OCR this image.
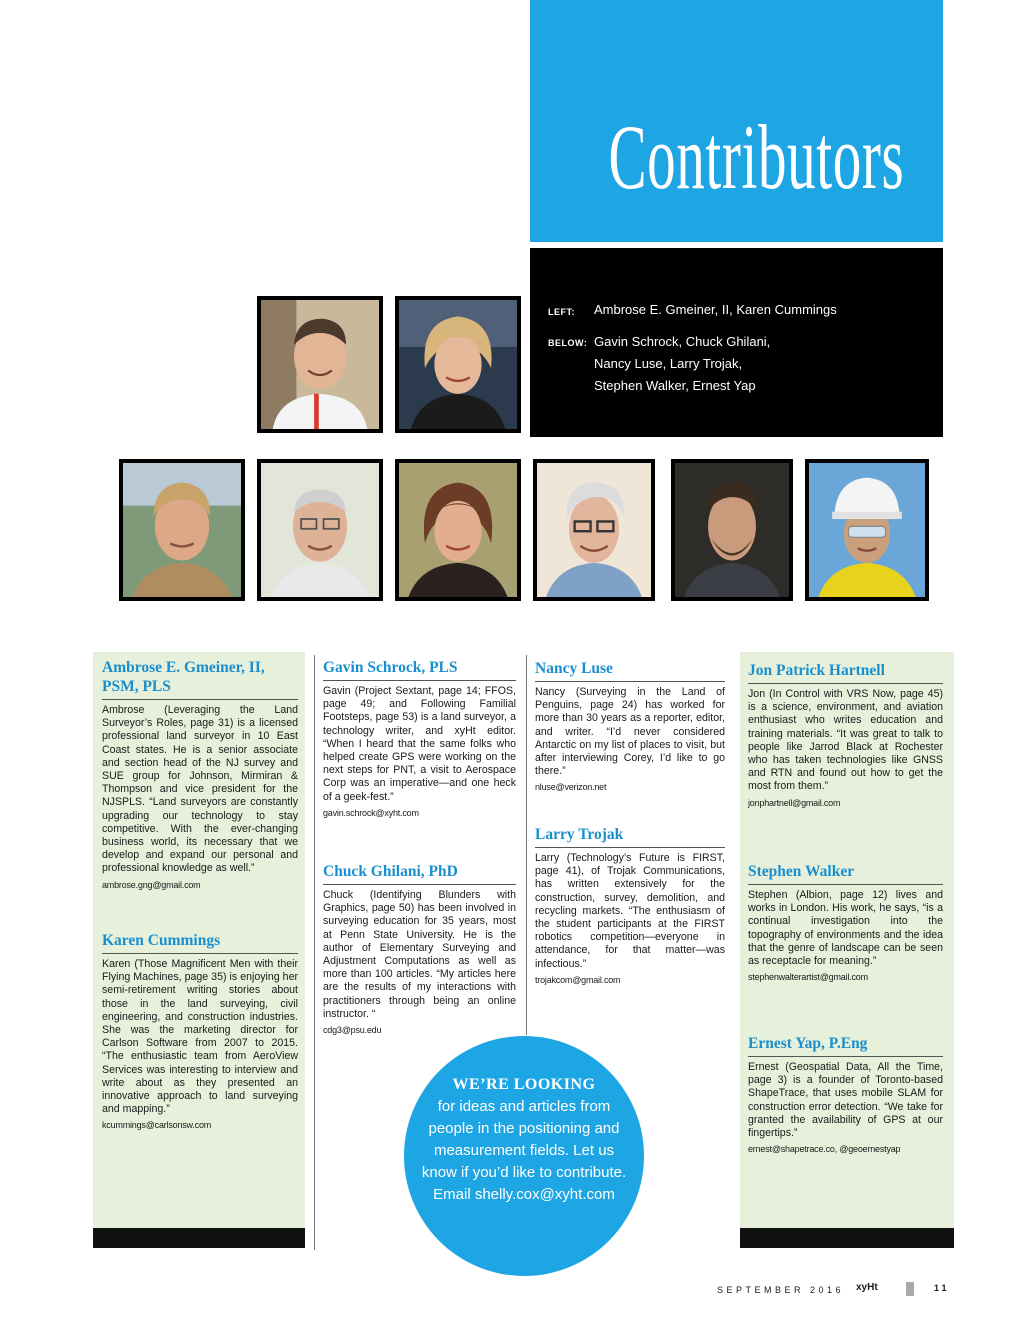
Contributors
LEFT: Ambrose E. Gmeiner, II, Karen Cummings
BELOW: Gavin Schrock, Chuck Ghilani,
Nancy Luse, Larry Trojak,
Stephen Walker, Ernest Yap
Ambrose E. Gmeiner, II, PSM, PLS

Ambrose (Leveraging the Land Surveyor’s Roles, page 31) is a licensed professional land surveyor in 10 East Coast states. He is a senior associate and section head of the NJ survey and SUE group for Johnson, Mirmiran & Thompson and vice president for the NJSPLS. “Land surveyors are constantly upgrading our technology to stay competitive. With the ever-changing business world, its necessary that we develop and expand our personal and professional knowledge as well.”

ambrose.gng@gmail.com
Karen Cummings

Karen (Those Magnificent Men with their Flying Machines, page 35) is enjoying her semi-retirement writing stories about those in the land surveying, civil engineering, and construction industries. She was the marketing director for Carlson Software from 2007 to 2015. “The enthusiastic team from AeroView Services was interesting to interview and write about as they presented an innovative approach to land surveying and mapping.”

kcummings@carlsonsw.com
Gavin Schrock, PLS

Gavin (Project Sextant, page 14; FFOS, page 49; and Following Familial Footsteps, page 53) is a land surveyor, a technology writer, and xyHt editor. “When I heard that the same folks who helped create GPS were working on the next steps for PNT, a visit to Aerospace Corp was an imperative—and one heck of a geek-fest.”

gavin.schrock@xyht.com
Chuck Ghilani, PhD

Chuck (Identifying Blunders with Graphics, page 50) has been involved in surveying education for 35 years, most at Penn State University. He is the author of Elementary Surveying and Adjustment Computations as well as more than 100 articles. “My articles here are the results of my interactions with practitioners through being an online instructor. “

cdg3@psu.edu
Nancy Luse

Nancy (Surveying in the Land of Penguins, page 24) has worked for more than 30 years as a reporter, editor, and writer. “I’d never considered Antarctic on my list of places to visit, but after interviewing Corey, I’d like to go there.”

nluse@verizon.net
Larry Trojak

Larry (Technology’s Future is FIRST, page 41), of Trojak Communications, has written extensively for the construction, survey, demolition, and recycling markets. “The enthusiasm of the student participants at the FIRST robotics competition—everyone in attendance, for that matter—was infectious.”

trojakcom@gmail.com
Jon Patrick Hartnell

Jon (In Control with VRS Now, page 45) is a science, environment, and aviation enthusiast who writes education and training materials. “It was great to talk to people like Jarrod Black at Rochester who has taken technologies like GNSS and RTN and found out how to get the most from them.”

jonphartnell@gmail.com
Stephen Walker

Stephen (Albion, page 12) lives and works in London. His work, he says, “is a continual investigation into the topography of environments and the idea that the genre of landscape can be seen as receptacle for meaning.”

stephenwalterartist@gmail.com
Ernest Yap, P.Eng

Ernest (Geospatial Data, All the Time, page 3) is a founder of Toronto-based ShapeTrace, that uses mobile SLAM for construction error detection. “We take for granted the availability of GPS at our fingertips.”

ernest@shapetrace.co, @geoernestyap
WE’RE LOOKING
for ideas and articles from people in the positioning and measurement fields. Let us know if you’d like to contribute.
Email shelly.cox@xyht.com
SEPTEMBER 2016 xyHt	11
